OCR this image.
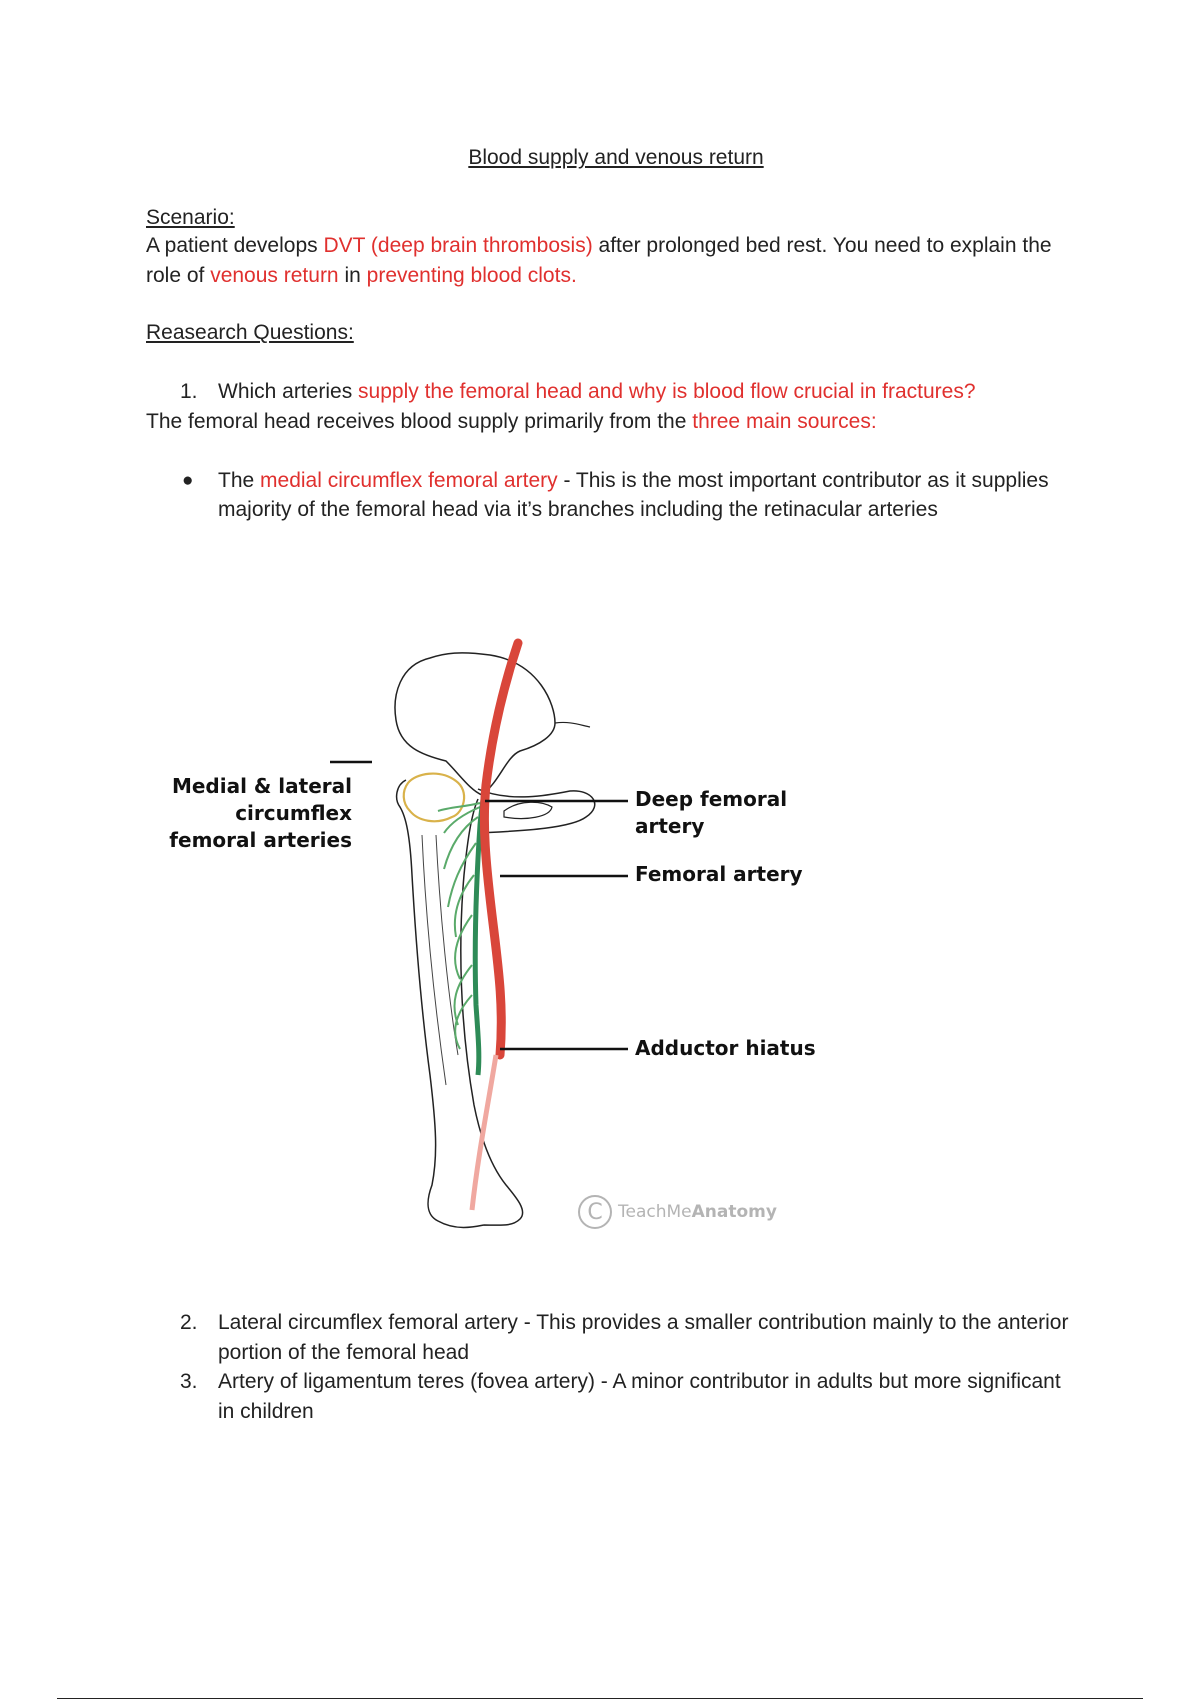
Blood supply and venous return
Scenario:
A patient develops DVT (deep brain thrombosis) after prolonged bed rest. You need to explain the role of venous return in preventing blood clots.
Reasearch Questions:
1. Which arteries supply the femoral head and why is blood flow crucial in fractures?
The femoral head receives blood supply primarily from the three main sources:
● The medial circumflex femoral artery - This is the most important contributor as it supplies majority of the femoral head via it’s branches including the retinacular arteries
Medial & lateral circumflex femoral arteries
Deep femoral artery
Femoral artery
Adductor hiatus
C Teach Me Anatomy
2. Lateral circumflex femoral artery - This provides a smaller contribution mainly to the anterior portion of the femoral head
3. Artery of ligamentum teres (fovea artery) - A minor contributor in adults but more significant in children
